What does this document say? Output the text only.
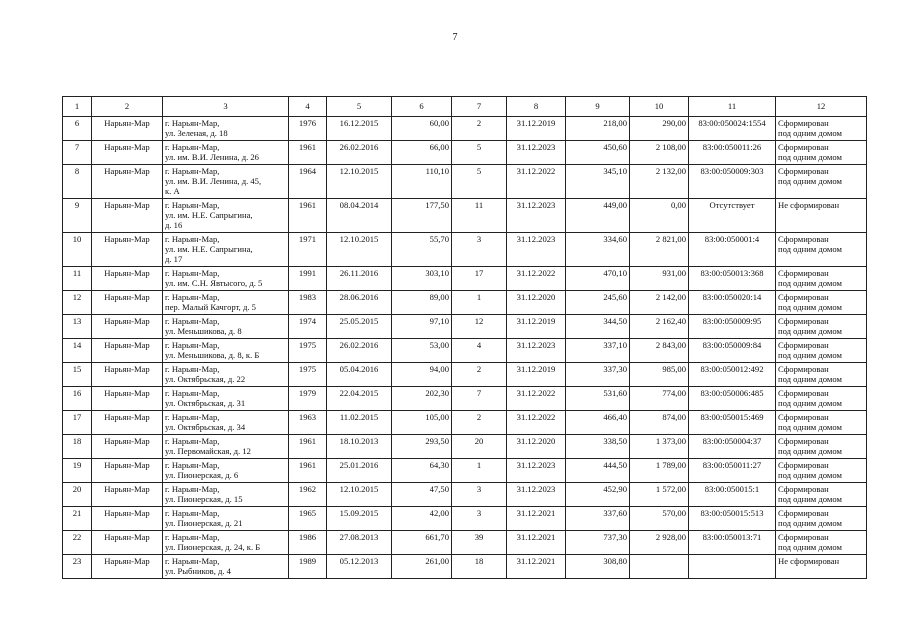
7
1	2	3	4	5	6	7	8	9	10	11	12
6	Нарьян-Мар	г. Нарьян-Мар,
ул. Зеленая, д. 18	1976	16.12.2015	60,00	2	31.12.2019	218,00	290,00	83:00:050024:1554	Сформирован
под одним домом

7	Нарьян-Мар	г. Нарьян-Мар,
ул. им. В.И. Ленина, д. 26	1961	26.02.2016	66,00	5	31.12.2023	450,60	2 108,00	83:00:050011:26	Сформирован
под одним домом

8	Нарьян-Мар	г. Нарьян-Мар,
ул. им. В.И. Ленина, д. 45,
к. А	1964	12.10.2015	110,10	5	31.12.2022	345,10	2 132,00	83:00:050009:303	Сформирован
под одним домом

9	Нарьян-Мар	г. Нарьян-Мар,
ул. им. Н.Е. Сапрыгина,
д. 16	1961	08.04.2014	177,50	11	31.12.2023	449,00	0,00	Отсутствует	Не сформирован

10	Нарьян-Мар	г. Нарьян-Мар,
ул. им. Н.Е. Сапрыгина,
д. 17	1971	12.10.2015	55,70	3	31.12.2023	334,60	2 821,00	83:00:050001:4	Сформирован
под одним домом

11	Нарьян-Мар	г. Нарьян-Мар,
ул. им. С.Н. Явтысого, д. 5	1991	26.11.2016	303,10	17	31.12.2022	470,10	931,00	83:00:050013:368	Сформирован
под одним домом

12	Нарьян-Мар	г. Нарьян-Мар,
пер. Малый Качгорт, д. 5	1983	28.06.2016	89,00	1	31.12.2020	245,60	2 142,00	83:00:050020:14	Сформирован
под одним домом

13	Нарьян-Мар	г. Нарьян-Мар,
ул. Меньшикова, д. 8	1974	25.05.2015	97,10	12	31.12.2019	344,50	2 162,40	83:00:050009:95	Сформирован
под одним домом

14	Нарьян-Мар	г. Нарьян-Мар,
ул. Меньшикова, д. 8, к. Б	1975	26.02.2016	53,00	4	31.12.2023	337,10	2 843,00	83:00:050009:84	Сформирован
под одним домом

15	Нарьян-Мар	г. Нарьян-Мар,
ул. Октябрьская, д. 22	1975	05.04.2016	94,00	2	31.12.2019	337,30	985,00	83:00:050012:492	Сформирован
под одним домом

16	Нарьян-Мар	г. Нарьян-Мар,
ул. Октябрьская, д. 31	1979	22.04.2015	202,30	7	31.12.2022	531,60	774,00	83:00:050006:485	Сформирован
под одним домом

17	Нарьян-Мар	г. Нарьян-Мар,
ул. Октябрьская, д. 34	1963	11.02.2015	105,00	2	31.12.2022	466,40	874,00	83:00:050015:469	Сформирован
под одним домом

18	Нарьян-Мар	г. Нарьян-Мар,
ул. Первомайская, д. 12	1961	18.10.2013	293,50	20	31.12.2020	338,50	1 373,00	83:00:050004:37	Сформирован
под одним домом

19	Нарьян-Мар	г. Нарьян-Мар,
ул. Пионерская, д. 6	1961	25.01.2016	64,30	1	31.12.2023	444,50	1 789,00	83:00:050011:27	Сформирован
под одним домом

20	Нарьян-Мар	г. Нарьян-Мар,
ул. Пионерская, д. 15	1962	12.10.2015	47,50	3	31.12.2023	452,90	1 572,00	83:00:050015:1	Сформирован
под одним домом

21	Нарьян-Мар	г. Нарьян-Мар,
ул. Пионерская, д. 21	1965	15.09.2015	42,00	3	31.12.2021	337,60	570,00	83:00:050015:513	Сформирован
под одним домом

22	Нарьян-Мар	г. Нарьян-Мар,
ул. Пионерская, д. 24, к. Б	1986	27.08.2013	661,70	39	31.12.2021	737,30	2 928,00	83:00:050013:71	Сформирован
под одним домом

23	Нарьян-Мар	г. Нарьян-Мар,
ул. Рыбников, д. 4	1989	05.12.2013	261,00	18	31.12.2021	308,80			Не сформирован
